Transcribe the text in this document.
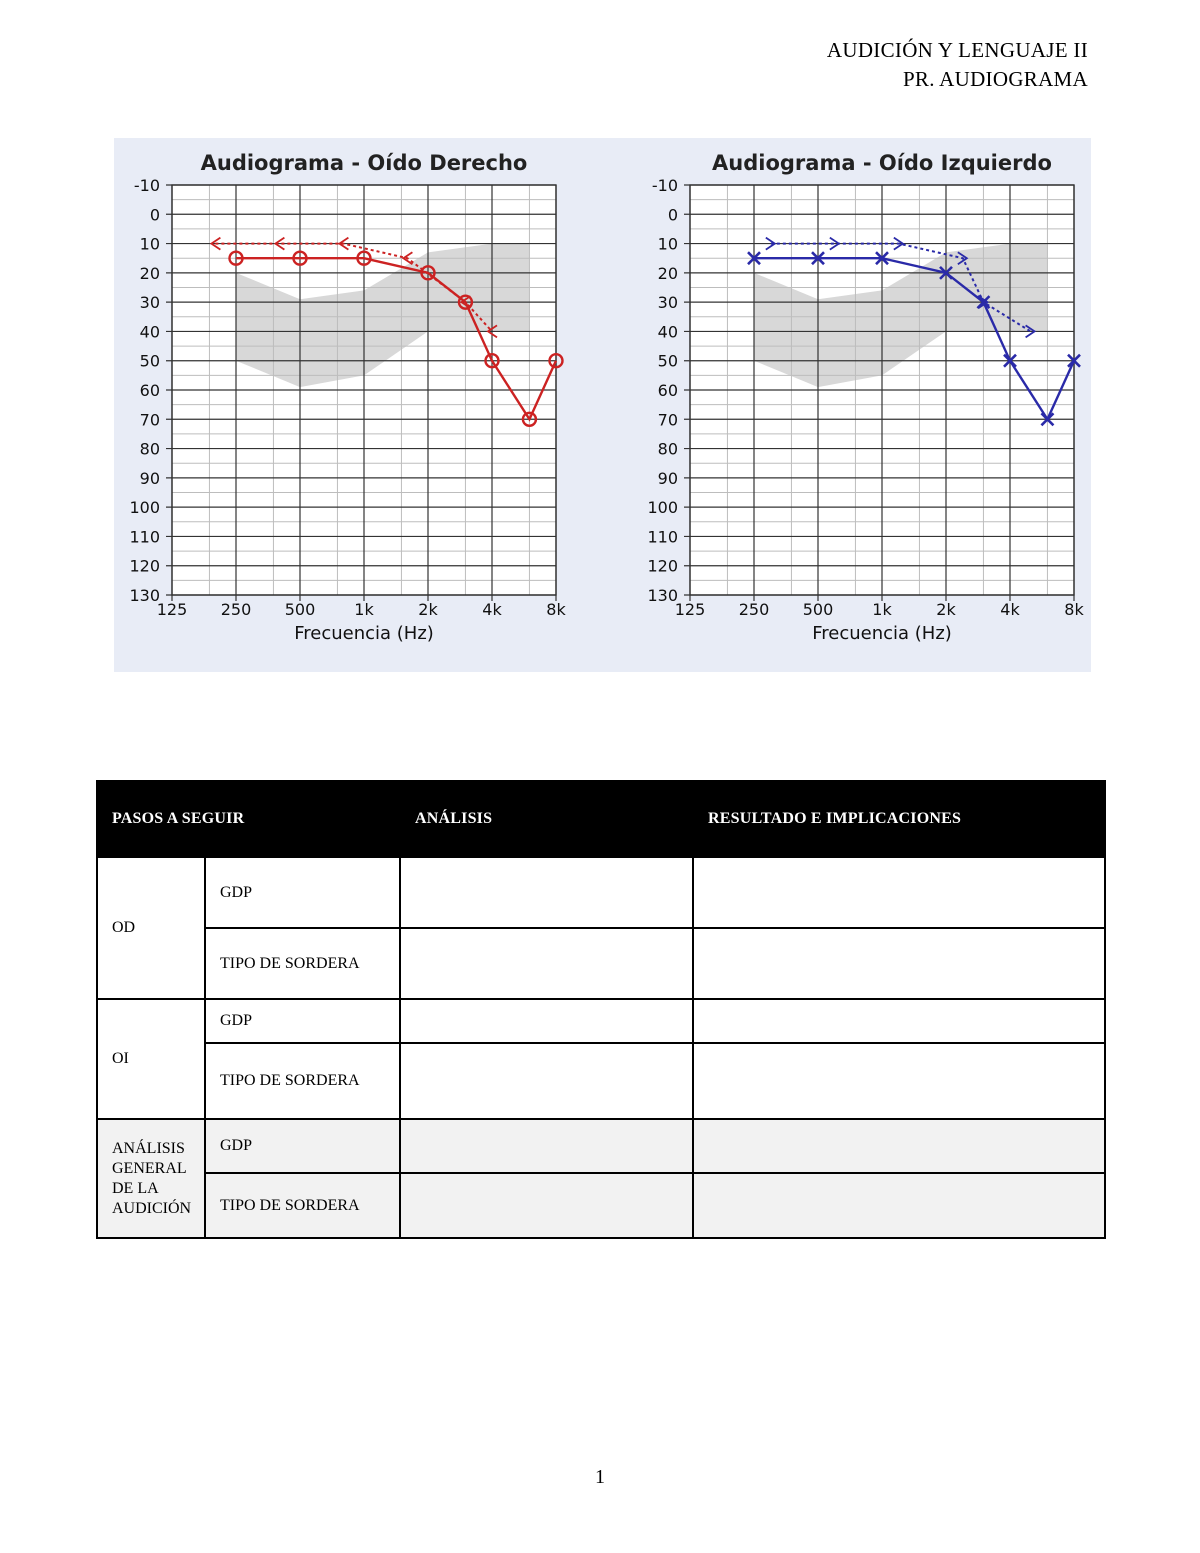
AUDICIÓN Y LENGUAJE II
PR. AUDIOGRAMA
-10
0
10
20
30
40
50
60
70
80
90
100
110
120
130
125 250 500 1k	2k	4k	8k
Audiograma - Oído Derecho
Frecuencia (Hz)
-10
0
10
20
30
40
50
60
70
80
90
100
110
120
130
125 250 500 1k	2k	4k	8k
Audiograma - Oído Izquierdo
Frecuencia (Hz)
PASOS A SEGUIR		ANÁLISIS	RESULTADO E IMPLICACIONES
OD	GDP		
	TIPO DE SORDERA		
OI	GDP		
	TIPO DE SORDERA		
ANÁLISIS GENERAL DE LA AUDICIÓN	GDP		
	TIPO DE SORDERA		
1
